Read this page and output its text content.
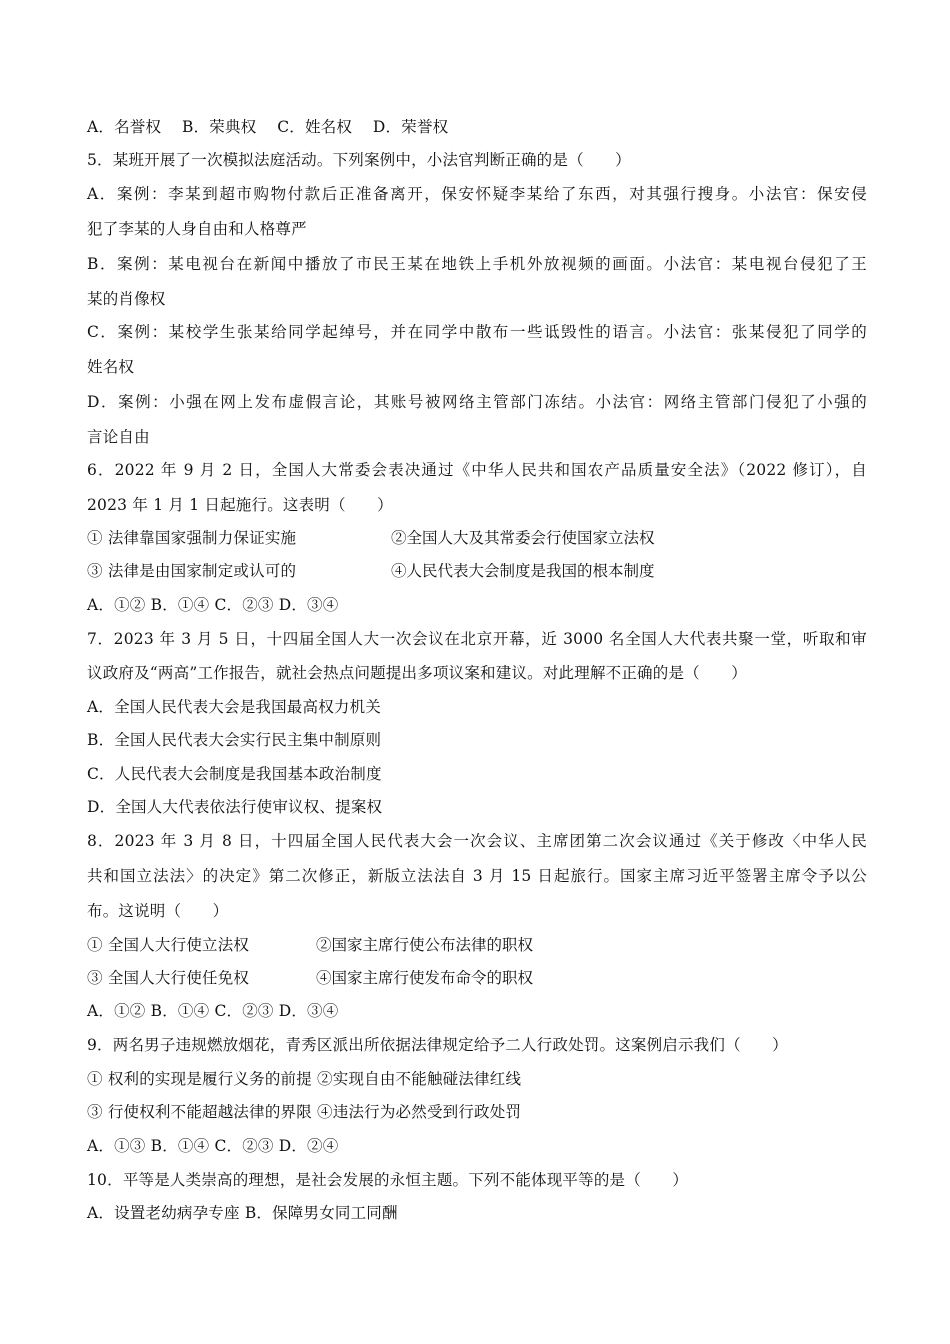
A．名誉权　 B．荣典权　 C．姓名权　 D．荣誉权
5．某班开展了一次模拟法庭活动。下列案例中，小法官判断正确的是（　　）
A．案例：李某到超市购物付款后正准备离开，保安怀疑李某给了东西，对其强行搜身。小法官：保安侵
犯了李某的人身自由和人格尊严
B．案例：某电视台在新闻中播放了市民王某在地铁上手机外放视频的画面。小法官：某电视台侵犯了王
某的肖像权
C．案例：某校学生张某给同学起绰号，并在同学中散布一些诋毁性的语言。小法官：张某侵犯了同学的
姓名权
D．案例：小强在网上发布虚假言论，其账号被网络主管部门冻结。小法官：网络主管部门侵犯了小强的
言论自由
6．2022 年 9 月 2 日，全国人大常委会表决通过《中华人民共和国农产品质量安全法》（2022 修订），自
2023 年 1 月 1 日起施行。这表明（　　）
① 法律靠国家强制力保证实施	②全国人大及其常委会行使国家立法权
③ 法律是由国家制定或认可的	④人民代表大会制度是我国的根本制度
A．①② B．①④ C．②③ D．③④
7．2023 年 3 月 5 日，十四届全国人大一次会议在北京开幕，近 3000 名全国人大代表共聚一堂，听取和审
议政府及“两高”工作报告，就社会热点问题提出多项议案和建议。对此理解不正确的是（　　）
A．全国人民代表大会是我国最高权力机关
B．全国人民代表大会实行民主集中制原则
C．人民代表大会制度是我国基本政治制度
D．全国人大代表依法行使审议权、提案权
8．2023 年 3 月 8 日，十四届全国人民代表大会一次会议、主席团第二次会议通过《关于修改〈中华人民
共和国立法法〉的决定》第二次修正，新版立法法自 3 月 15 日起旅行。国家主席习近平签署主席令予以公
布。这说明（　　）
① 全国人大行使立法权	②国家主席行使公布法律的职权
③ 全国人大行使任免权	④国家主席行使发布命令的职权
A．①② B．①④ C．②③ D．③④
9．两名男子违规燃放烟花，青秀区派出所依据法律规定给予二人行政处罚。这案例启示我们（　　）
① 权利的实现是履行义务的前提 ②实现自由不能触碰法律红线
③ 行使权利不能超越法律的界限 ④违法行为必然受到行政处罚
A．①③ B．①④ C．②③ D．②④
10．平等是人类崇高的理想，是社会发展的永恒主题。下列不能体现平等的是（　　）
A．设置老幼病孕专座 B．保障男女同工同酬
